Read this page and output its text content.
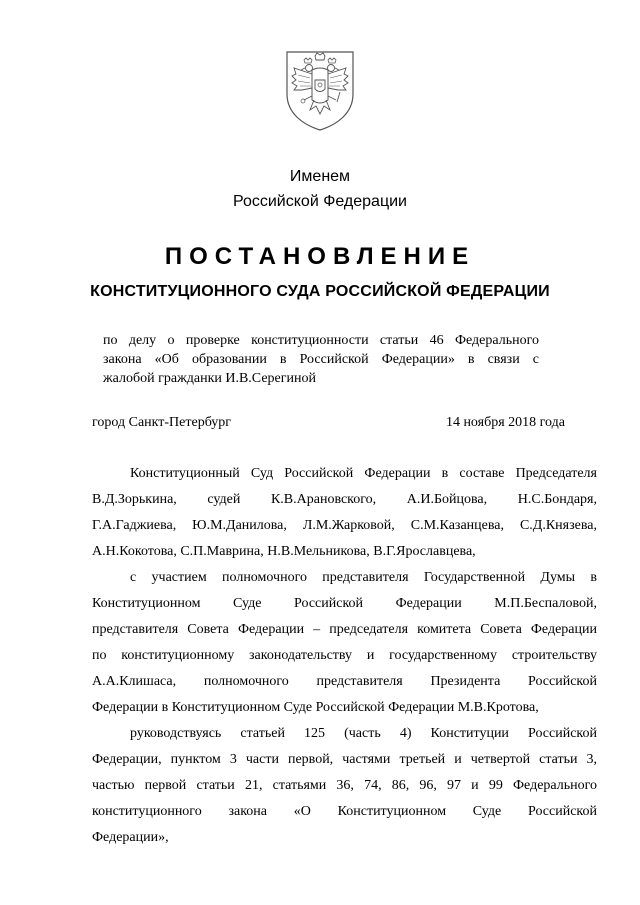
Именем
Российской Федерации
ПОСТАНОВЛЕНИЕ
КОНСТИТУЦИОННОГО СУДА РОССИЙСКОЙ ФЕДЕРАЦИИ
по делу о проверке конституционности статьи 46 Федерального
закона «Об образовании в Российской Федерации» в связи с
жалобой гражданки И.В.Серегиной
город Санкт-Петербург	14 ноября 2018 года
Конституционный Суд Российской Федерации в составе Председателя
В.Д.Зорькина, судей К.В.Арановского, А.И.Бойцова, Н.С.Бондаря,
Г.А.Гаджиева, Ю.М.Данилова, Л.М.Жарковой, С.М.Казанцева, С.Д.Князева,
А.Н.Кокотова, С.П.Маврина, Н.В.Мельникова, В.Г.Ярославцева,
с участием полномочного представителя Государственной Думы в
Конституционном Суде Российской Федерации М.П.Беспаловой,
представителя Совета Федерации – председателя комитета Совета Федерации
по конституционному законодательству и государственному строительству
А.А.Клишаса, полномочного представителя Президента Российской
Федерации в Конституционном Суде Российской Федерации М.В.Кротова,
руководствуясь статьей 125 (часть 4) Конституции Российской
Федерации, пунктом 3 части первой, частями третьей и четвертой статьи 3,
частью первой статьи 21, статьями 36, 74, 86, 96, 97 и 99 Федерального
конституционного закона «О Конституционном Суде Российской
Федерации»,
